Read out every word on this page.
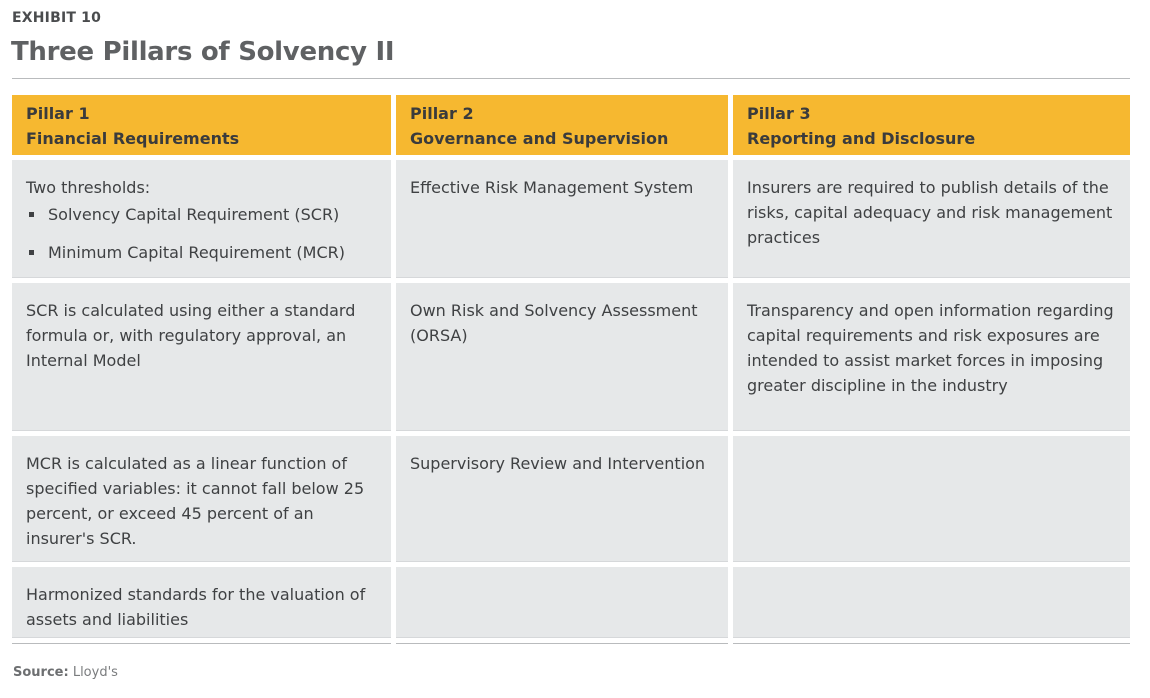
EXHIBIT 10
Three Pillars of Solvency II
Pillar 1
Financial Requirements
Pillar 2
Governance and Supervision
Pillar 3
Reporting and Disclosure

Two thresholds:

Solvency Capital Requirement (SCR)
Minimum Capital Requirement (MCR)

Effective Risk Management System	Insurers are required to publish details of the risks, capital adequacy and risk management practices

SCR is calculated using either a standard formula or, with regulatory approval, an Internal Model

Own Risk and Solvency Assessment (ORSA)

Transparency and open information regarding capital requirements and risk exposures are intended to assist market forces in imposing greater discipline in the industry

MCR is calculated as a linear function of specified variables: it cannot fall below 25 percent, or exceed 45 percent of an insurer's SCR.

Supervisory Review and Intervention

Harmonized standards for the valuation of assets and liabilities

Source: Lloyd's
